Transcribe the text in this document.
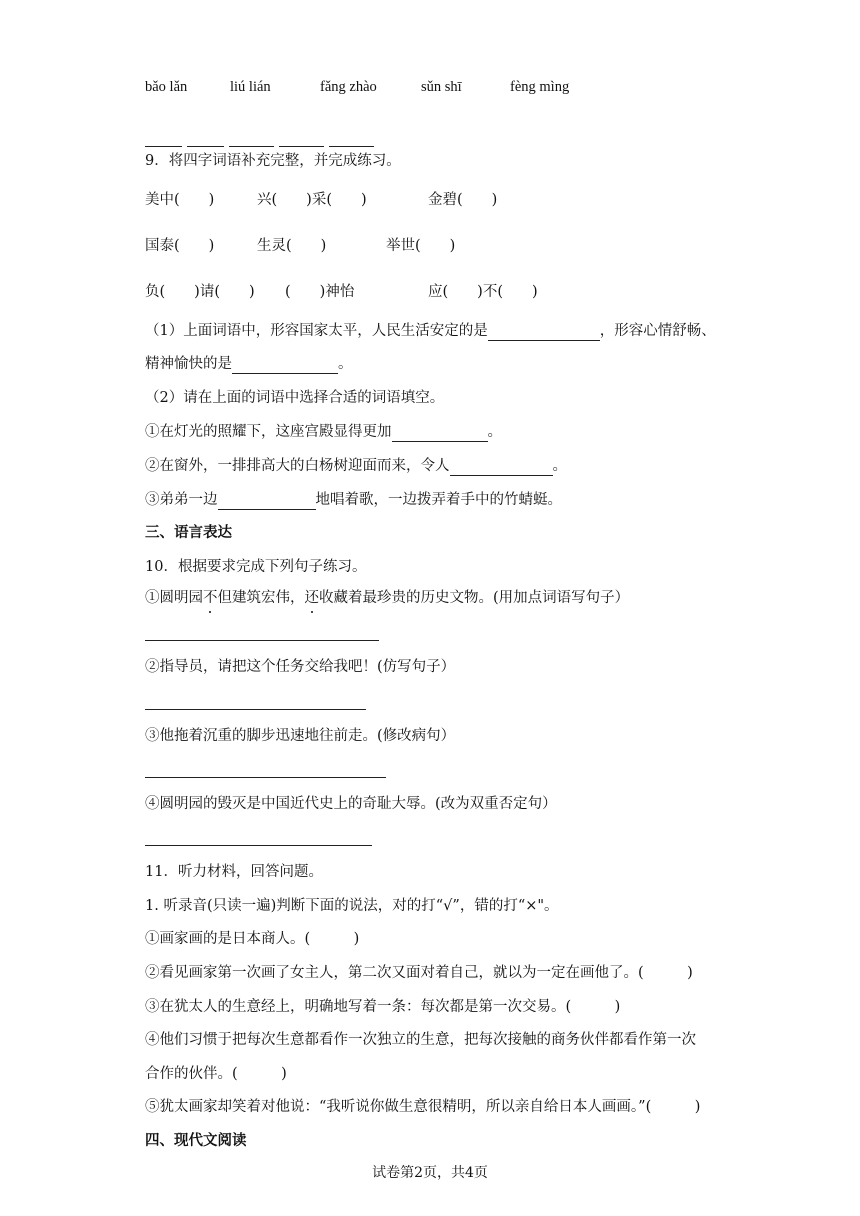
bǎo lǎn	liú lián	fǎng zhào	sǔn shī	fèng mìng
9．将四字词语补充完整，并完成练习。
美中(　　)	兴(　　)采(　　)	金碧(　　)
国泰(　　)	生灵(　　)	举世(　　)
负(　　)请(　　) (　　)神怡	应(　　)不(　　)
（1）上面词语中，形容国家太平，人民生活安定的是	，形容心情舒畅、
精神愉快的是	。
（2）请在上面的词语中选择合适的词语填空。
①在灯光的照耀下，这座宫殿显得更加	。
②在窗外，一排排高大的白杨树迎面而来，令人	。
③弟弟一边	地唱着歌，一边拨弄着手中的竹蜻蜓。
三、语言表达
10．根据要求完成下列句子练习。
①圆明园不但建筑宏伟，还收藏着最珍贵的历史文物。(用加点词语写句子）
②指导员，请把这个任务交给我吧！(仿写句子）
③他拖着沉重的脚步迅速地往前走。(修改病句）
④圆明园的毁灭是中国近代史上的奇耻大辱。(改为双重否定句）
11．听力材料，回答问题。
1. 听录音(只读一遍)判断下面的说法，对的打“√”，错的打“×"。
①画家画的是日本商人。(　　　)
②看见画家第一次画了女主人，第二次又面对着自己，就以为一定在画他了。(　　　)
③在犹太人的生意经上，明确地写着一条：每次都是第一次交易。(　　　)
④他们习惯于把每次生意都看作一次独立的生意，把每次接触的商务伙伴都看作第一次
合作的伙伴。(　　　)
⑤犹太画家却笑着对他说：“我听说你做生意很精明，所以亲自给日本人画画。”(　　　)
四、现代文阅读
试卷第2页，共4页
